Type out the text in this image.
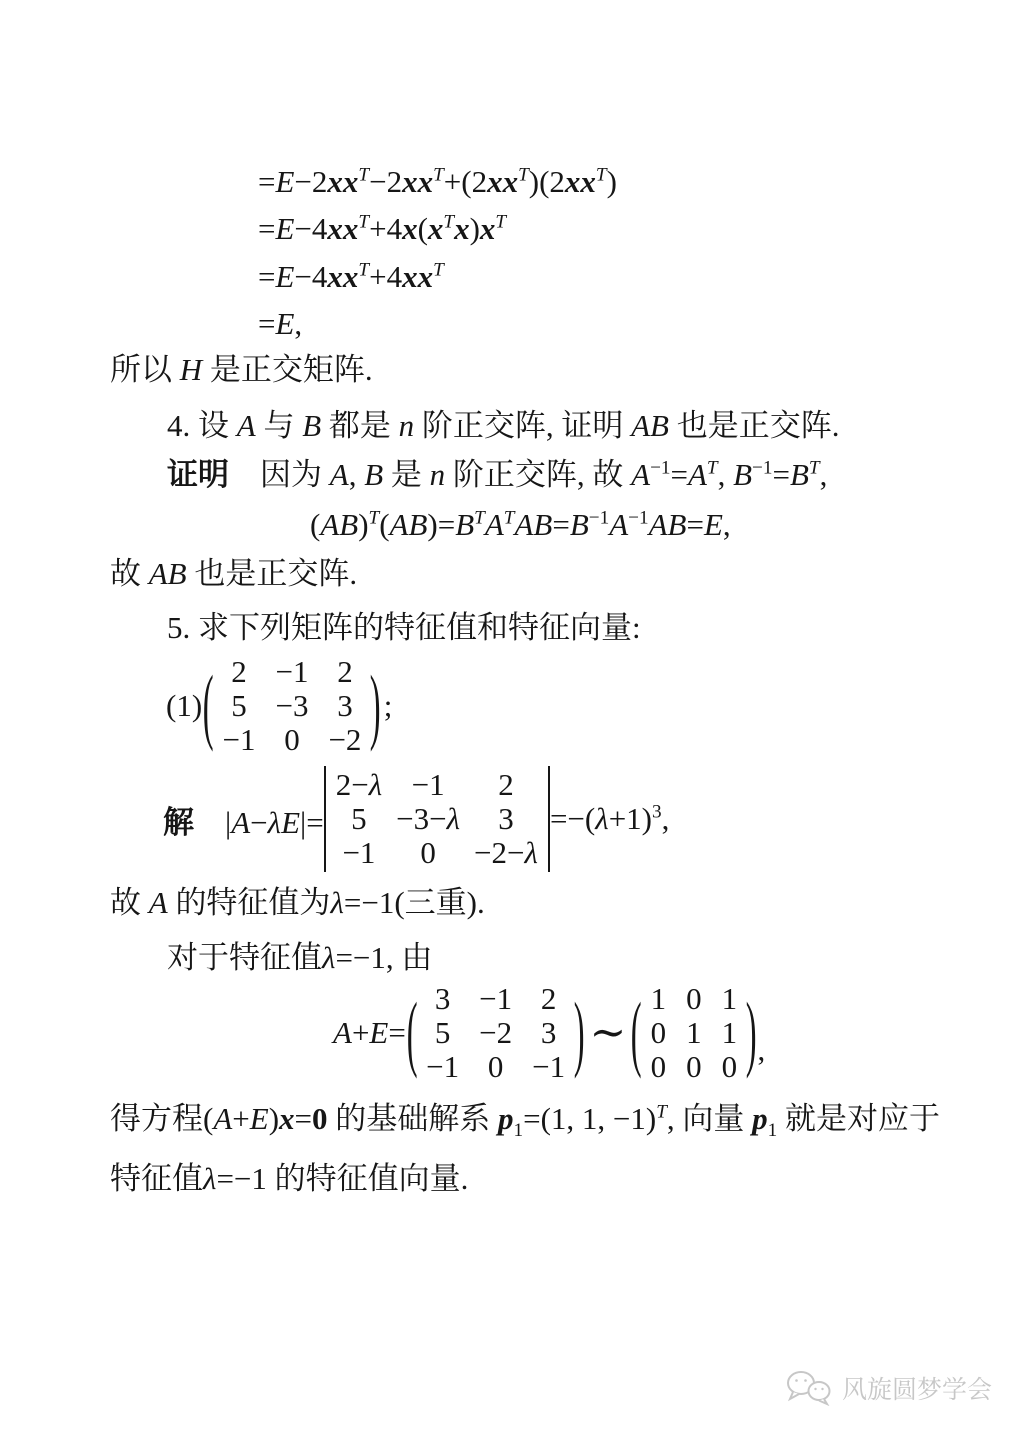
$=E-2xx^T-2xx^T+(2xx^T)(2xx^T)$
$=E-4xx^T+4x(x^Tx)x^T$
$=E-4xx^T+4xx^T$
=E,
所以 H 是正交矩阵.
4. 设 A 与 B 都是 n 阶正交阵, 证明 AB 也是正交阵.
证明 因为 A, B 是 n 阶正交阵, 故 $A^{-1}=A^T$, $B^{-1}=B^T$,
$(AB)^T(AB)=B^TA^TAB=B^{-1}A^{-1}AB=E$,
故 AB 也是正交阵.
5. 求下列矩阵的特征值和特征向量:
(1) ( 2 −1 2
5 −3 3
−1 0 −2 ) ;
解 |A−λE|=
2−λ −1 2
5 −3−λ 3
−1 0 −2−λ
$=-(\lambda+1)^3$,
故 A 的特征值为λ=−1(三重).
对于特征值λ=−1, 由
A+E= ( 3 −1 2
5 −2 3
−1 0 −1 ) ∼ ( 1 0 1
0 1 1
0 0 0 ) ,
得方程(A+E)x=0 的基础解系 $p_1=(1$, 1, −1)$^T$, 向量 $p_1$ 就是对应于
特征值λ=−1 的特征值向量.
风旋圆梦学会
